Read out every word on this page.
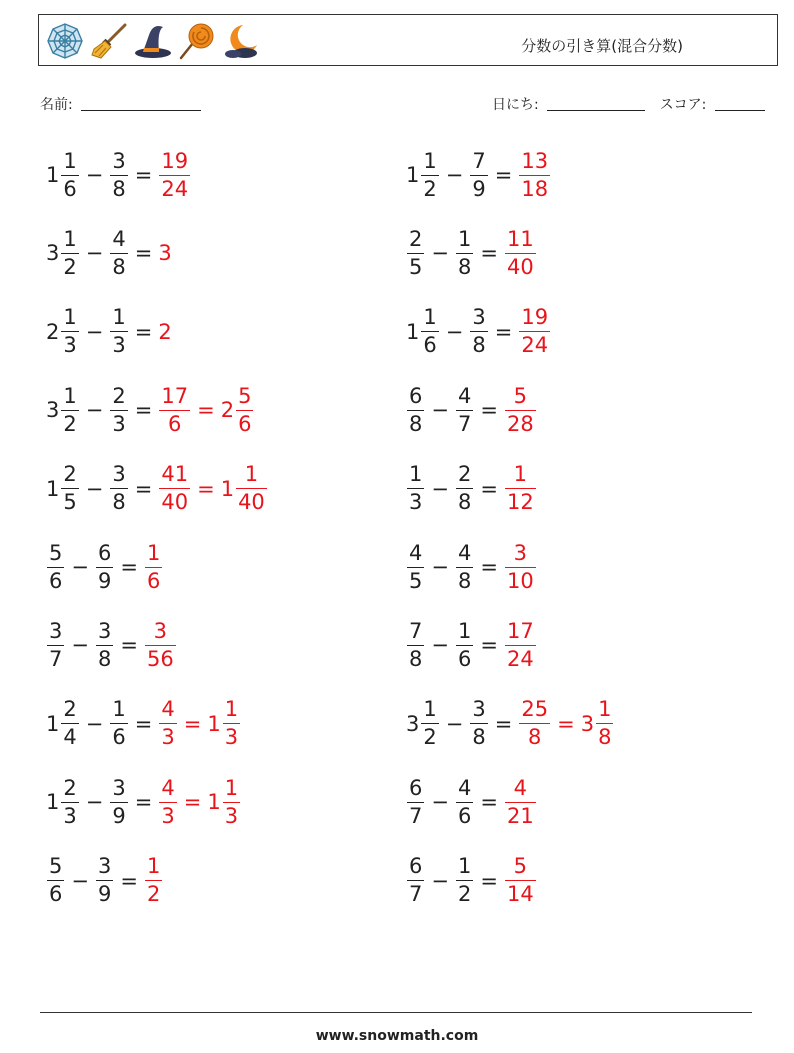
分数の引き算(混合分数)
名前:	日にち:	スコア:
$1 \frac{1}{6} - \frac{3}{8} = \frac{19}{24}$	$1 \frac{1}{2} - \frac{7}{9} = \frac{13}{18}$
$3 \frac{1}{2} - \frac{4}{8} = 3$	$\frac{2}{5} - \frac{1}{8} = \frac{11}{40}$
$2 \frac{1}{3} - \frac{1}{3} = 2$	$1 \frac{1}{6} - \frac{3}{8} = \frac{19}{24}$
$3 \frac{1}{2} - \frac{2}{3} = \frac{17}{6} = 2 \frac{5}{6}$	$\frac{6}{8} - \frac{4}{7} = \frac{5}{28}$
$1 \frac{2}{5} - \frac{3}{8} = \frac{41}{40} = 1 \frac{1}{40}$	$\frac{1}{3} - \frac{2}{8} = \frac{1}{12}$
$\frac{5}{6} - \frac{6}{9} = \frac{1}{6}$	$\frac{4}{5} - \frac{4}{8} = \frac{3}{10}$
$\frac{3}{7} - \frac{3}{8} = \frac{3}{56}$	$\frac{7}{8} - \frac{1}{6} = \frac{17}{24}$
$1 \frac{2}{4} - \frac{1}{6} = \frac{4}{3} = 1 \frac{1}{3}$	$3 \frac{1}{2} - \frac{3}{8} = \frac{25}{8} = 3 \frac{1}{8}$
$1 \frac{2}{3} - \frac{3}{9} = \frac{4}{3} = 1 \frac{1}{3}$	$\frac{6}{7} - \frac{4}{6} = \frac{4}{21}$
$\frac{5}{6} - \frac{3}{9} = \frac{1}{2}$	$\frac{6}{7} - \frac{1}{2} = \frac{5}{14}$
www.snowmath.com
